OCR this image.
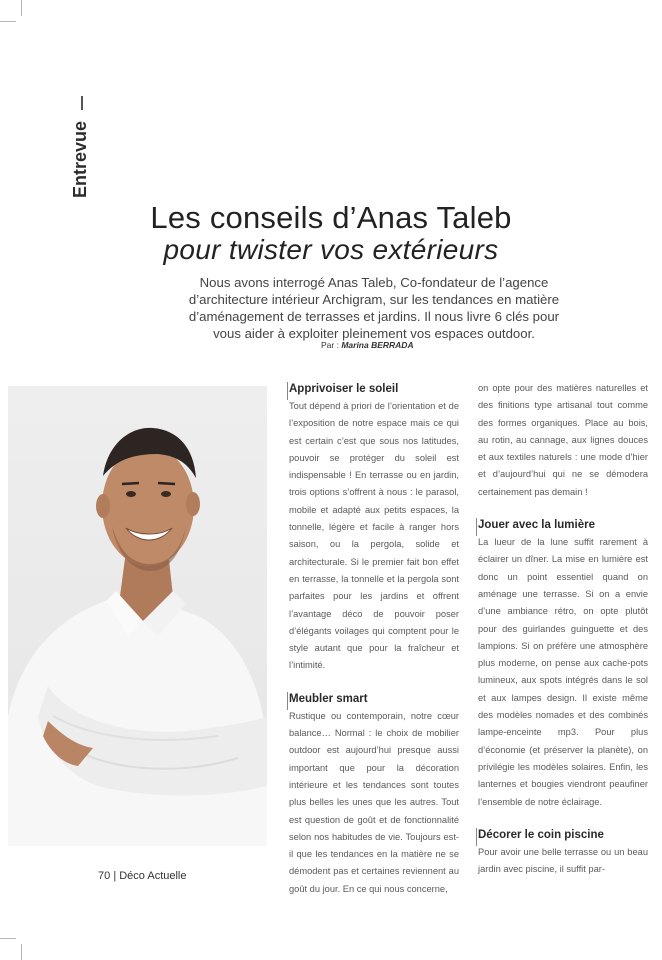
Entrevue
Les conseils d’Anas Taleb
pour twister vos extérieurs
Nous avons interrogé Anas Taleb, Co-fondateur de l’agence d’architecture intérieur Archigram, sur les tendances en matière d’aménagement de terrasses et jardins. Il nous livre 6 clés pour vous aider à exploiter pleinement vos espaces outdoor.
Par : Marina BERRADA
Apprivoiser le soleil

Tout dépend à priori de l’orientation et de l’exposition de notre espace mais ce qui est certain c’est que sous nos latitudes, pouvoir se protéger du soleil est indispensable ! En terrasse ou en jardin, trois options s’offrent à nous : le parasol, mobile et adapté aux petits espaces, la tonnelle, légère et facile à ranger hors saison, ou la pergola, solide et architecturale. Si le premier fait bon effet en terrasse, la tonnelle et la pergola sont parfaites pour les jardins et offrent l’avantage déco de pouvoir poser d’élégants voilages qui comptent pour le style autant que pour la fraîcheur et l’intimité.

Meubler smart

Rustique ou contemporain, notre cœur balance… Normal : le choix de mobilier outdoor est aujourd’hui presque aussi important que pour la décoration intérieure et les tendances sont toutes plus belles les unes que les autres. Tout est question de goût et de fonctionnalité selon nos habitudes de vie. Toujours est-il que les tendances en la matière ne se démodent pas et certaines reviennent au goût du jour. En ce qui nous concerne,

on opte pour des matières naturelles et des finitions type artisanal tout comme des formes organiques. Place au bois, au rotin, au cannage, aux lignes douces et aux textiles naturels : une mode d’hier et d’aujourd’hui qui ne se démodera certainement pas demain !

Jouer avec la lumière

La lueur de la lune suffit rarement à éclairer un dîner. La mise en lumière est donc un point essentiel quand on aménage une terrasse. Si on a envie d’une ambiance rétro, on opte plutôt pour des guirlandes guinguette et des lampions. Si on préfère une atmosphère plus moderne, on pense aux cache-pots lumineux, aux spots intégrés dans le sol et aux lampes design. Il existe même des modèles nomades et des combinés lampe-enceinte mp3. Pour plus d’économie (et préserver la planète), on privilégie les modèles solaires. Enfin, les lanternes et bougies viendront peaufiner l’ensemble de notre éclairage.

Décorer le coin piscine

Pour avoir une belle terrasse ou un beau jardin avec piscine, il suffit par-

70 | Déco Actuelle
